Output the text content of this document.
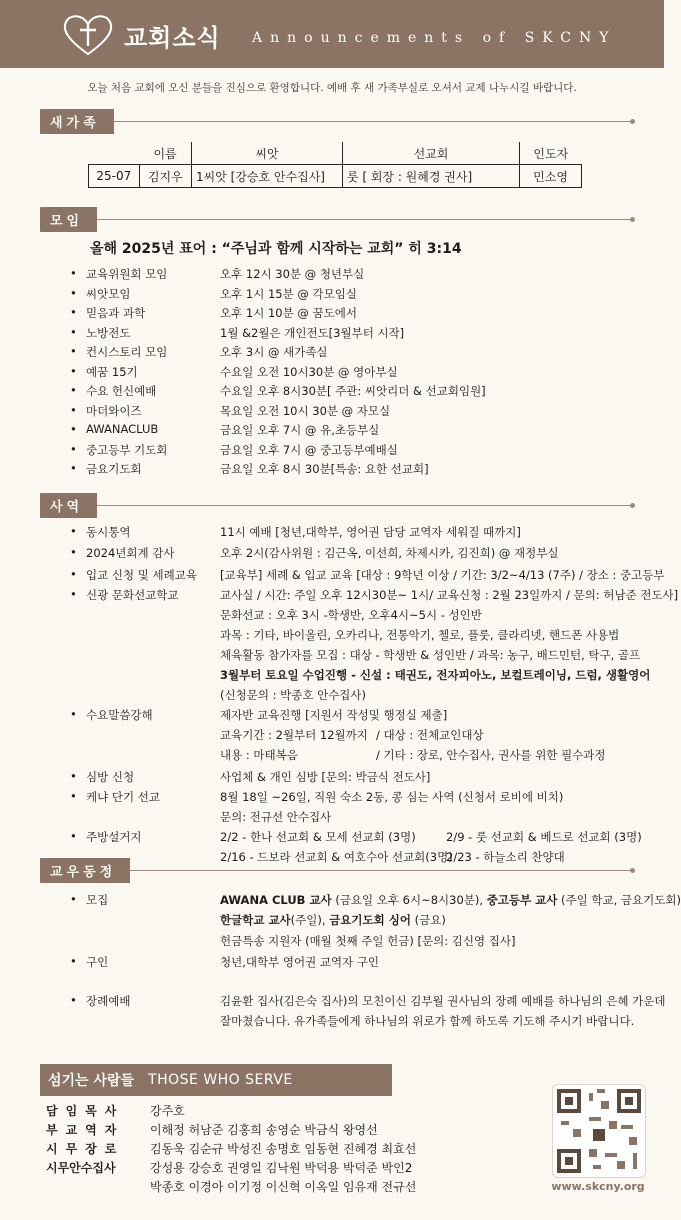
교회소식 Announcements of SKCNY
오늘 처음 교회에 오신 분들을 진심으로 환영합니다. 예배 후 새 가족부실로 오셔서 교제 나누시길 바랍니다.
새가족
	이름	씨앗	선교회	인도자
25-07	김지우	1씨앗 [강승호 안수집사]	룻 [ 회장 : 원혜경 권사]	민소영
모임
올해 2025년 표어 : “주님과 함께 시작하는 교회” 히 3:14
• 교육위원회 모임	오후 12시 30분 @ 청년부실
• 씨앗모임	오후 1시 15분 @ 각모임실
• 믿음과 과학	오후 1시 10분 @ 꿈도에서
• 노방전도	1월 &2월은 개인전도[3월부터 시작]
• 컨시스토리 모임	오후 3시 @ 새가족실
• 예꿈 15기	수요일 오전 10시30분 @ 영아부실
• 수요 헌신예배	수요일 오후 8시30분[ 주관: 씨앗리더 & 선교회임원]
• 마더와이즈	목요일 오전 10시 30분 @ 자모실
• AWANACLUB	금요일 오후 7시 @ 유,초등부실
• 중고등부 기도회	금요일 오후 7시 @ 중고등부예배실
• 금요기도회	금요일 오후 8시 30분[특송: 요한 선교회]
사역
• 동시통역	11시 예배 [청년,대학부, 영어권 담당 교역자 세워질 때까지]
• 2024년회계 감사	오후 2시(감사위원 : 김근옥, 이선희, 차제시카, 김진희) @ 재정부실
• 입교 신청 및 세례교육 [교육부] 세례 & 입교 교육 [대상 : 9학년 이상 / 기간: 3/2~4/13 (7주) / 장소 : 중고등부
• 신광 문화선교학교	교사실 / 시간: 주일 오후 12시30분~ 1시/ 교육신청 : 2월 23일까지 / 문의: 허남준 전도사]
문화선교 : 오후 3시 -학생반, 오후4시~5시 - 성인반
과목 : 기타, 바이올린, 오카리나, 전통악기, 첼로, 플룻, 클라리넷, 핸드폰 사용법
체육활동 참가자를 모집 : 대상 - 학생반 & 성인반 / 과목: 농구, 배드민턴, 탁구, 골프
3월부터 토요일 수업진행 - 신설 : 태권도, 전자피아노, 보컬트레이닝, 드럼, 생활영어
(신청문의 : 박종호 안수집사)
• 수요말씀강해	제자반 교육진행 [지원서 작성및 행정실 제출]
교육기간 : 2월부터 12월까지 / 대상 : 전체교인대상
내용 : 마태복음	/ 기타 : 장로, 안수집사, 권사를 위한 필수과정
• 심방 신청	사업체 & 개인 심방 [문의: 박금식 전도사]
• 케냐 단기 선교	8월 18일 ~26일, 직원 숙소 2동, 콩 심는 사역 (신청서 로비에 비치)
문의: 전규선 안수집사
• 주방설거지	2/2 - 한나 선교회 & 모세 선교회 (3명)	2/9 - 룻 선교회 & 베드로 선교회 (3명)
2/16 - 드보라 선교회 & 여호수아 선교회(3명)
2/23 - 하늘소리 찬양대
교우동정
• 모집	AWANA CLUB 교사 (금요일 오후 6시~8시30분), 중고등부 교사 (주일 학교, 금요기도회)
한글학교 교사(주일), 금요기도회 싱어 (금요)
헌금특송 지원자 (매월 첫째 주일 헌금) [문의: 김신영 집사]
• 구인	청년,대학부 영어권 교역자 구인
• 장례예배	김윤환 집사(김은숙 집사)의 모친이신 김부월 권사님의 장례 예배를 하나님의 은혜 가운데
잘마쳤습니다. 유가족들에게 하나님의 위로가 함께 하도록 기도해 주시기 바랍니다.
섬기는 사람들 THOSE WHO SERVE
담임목사 강주호
부교역자 이해정 허남준 김홍희 송영순 박금식 왕영선
시무장로 김동욱 김순규 박성진 송명호 임동현 진혜경 최효선
시무안수집사	강성용 강승호 권영일 김낙원 박덕용 박덕준 박인2
박종호 이경아 이기정 이신혁 이옥일 임유재 전규선	www.skcny.org
